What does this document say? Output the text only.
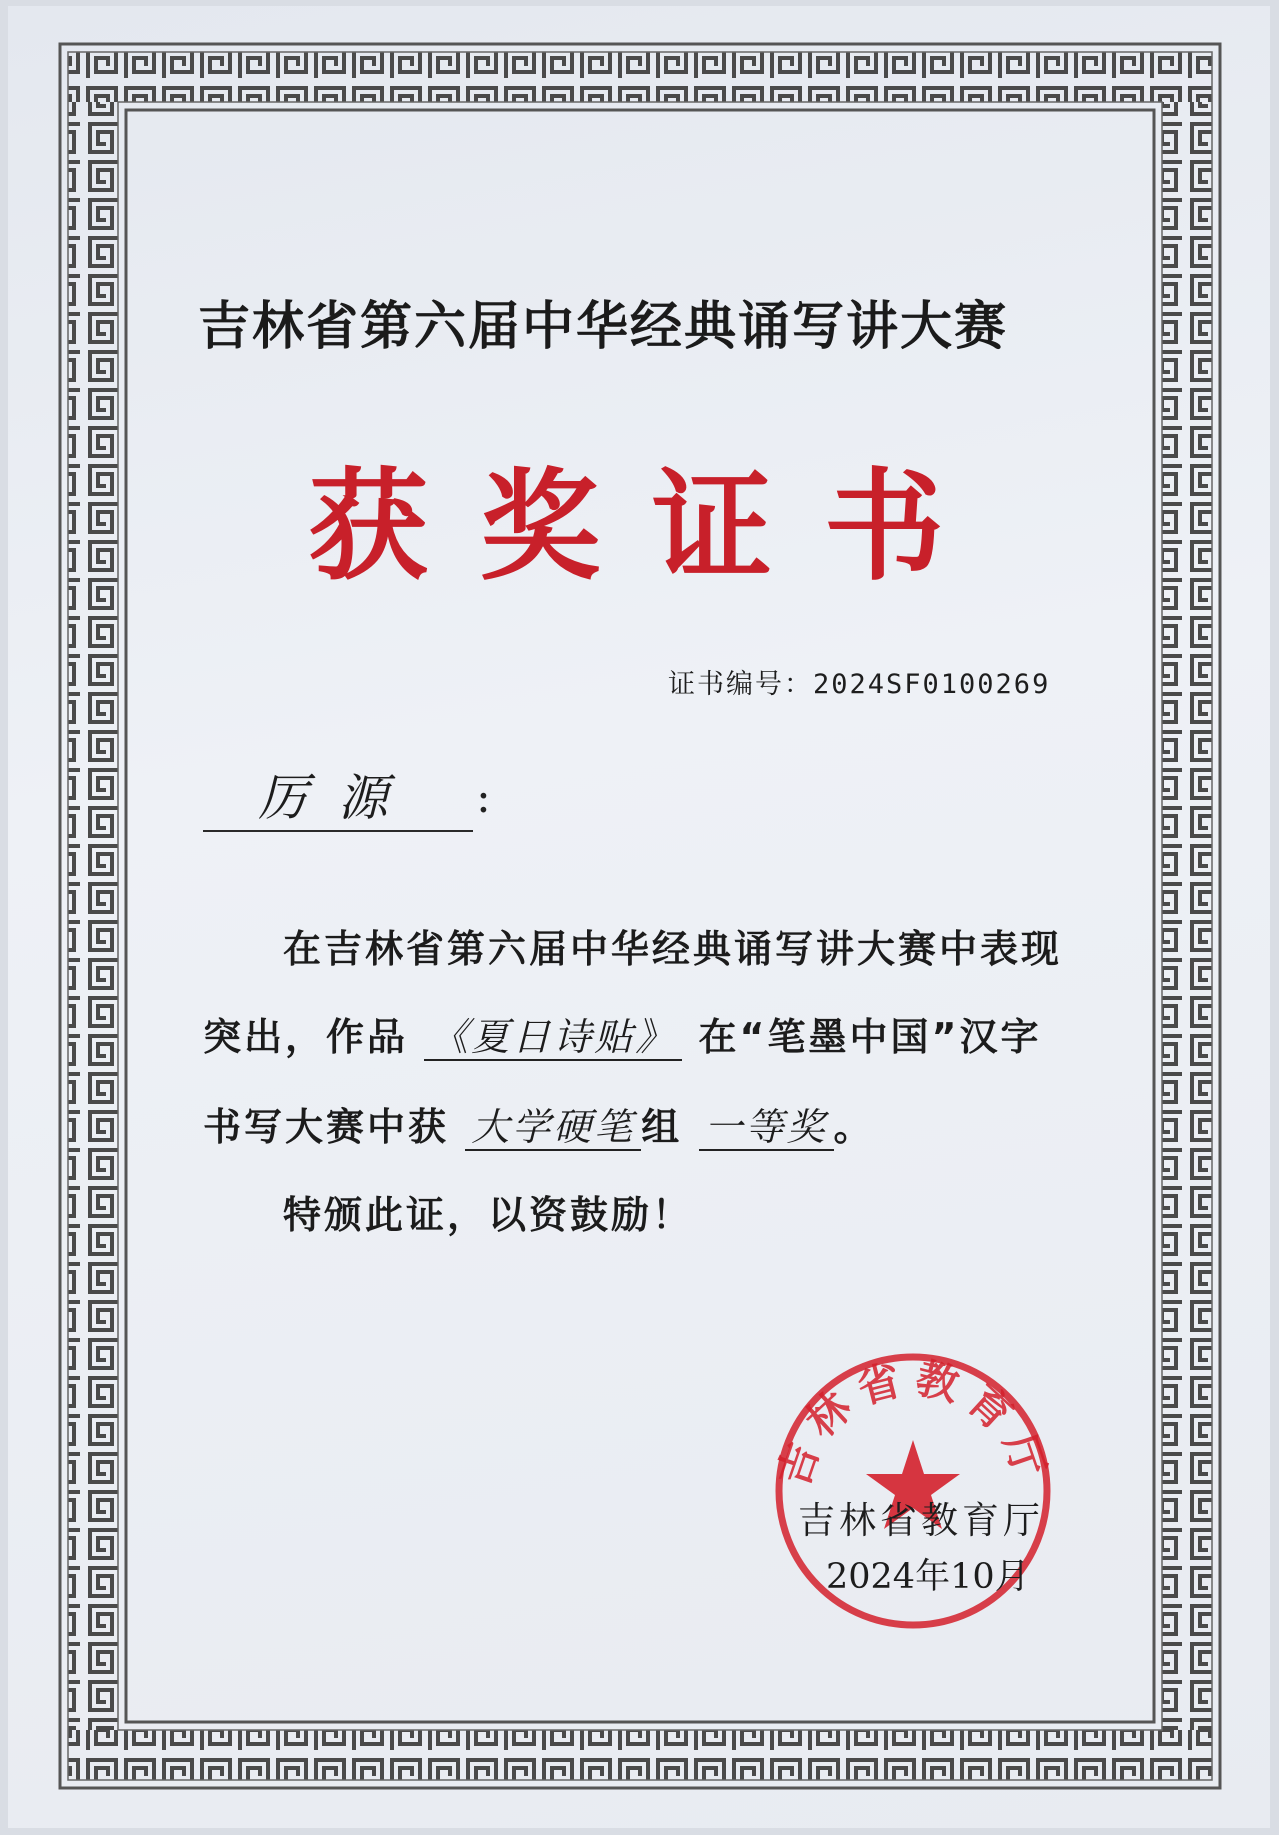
吉林省第六届中华经典诵写讲大赛
获奖证书
证书编号：2024SF0100269
厉源	:
在吉林省第六届中华经典诵写讲大赛中表现
突出，作品 《夏日诗贴》 在“笔墨中国”汉字
书写大赛中获 大学硬笔 组 一等奖 。
特颁此证，以资鼓励！
吉林省教育厅
吉林省教育厅
2024年10月
